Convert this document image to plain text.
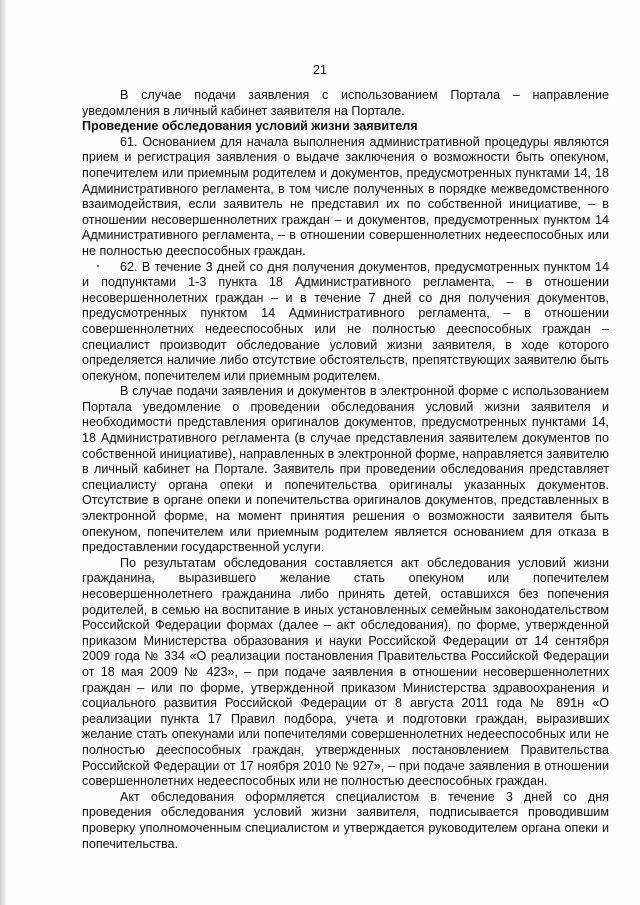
21

В случае подачи заявления с использованием Портала – направление уведомления в личный кабинет заявителя на Портале.

Проведение обследования условий жизни заявителя

61. Основанием для начала выполнения административной процедуры являются прием и регистрация заявления о выдаче заключения о возможности быть опекуном, попечителем или приемным родителем и документов, предусмотренных пунктами 14, 18 Административного регламента, в том числе полученных в порядке межведомственного взаимодействия, если заявитель не представил их по собственной инициативе, – в отношении несовершеннолетних граждан – и документов, предусмотренных пунктом 14 Административного регламента, – в отношении совершеннолетних недееспособных или не полностью дееспособных граждан.

62. В течение 3 дней со дня получения документов, предусмотренных пунктом 14 и подпунктами 1-3 пункта 18 Административного регламента, – в отношении несовершеннолетних граждан – и в течение 7 дней со дня получения документов, предусмотренных пунктом 14 Административного регламента, – в отношении совершеннолетних недееспособных или не полностью дееспособных граждан – специалист производит обследование условий жизни заявителя, в ходе которого определяется наличие либо отсутствие обстоятельств, препятствующих заявителю быть опекуном, попечителем или приемным родителем.

В случае подачи заявления и документов в электронной форме с использованием Портала уведомление о проведении обследования условий жизни заявителя и необходимости представления оригиналов документов, предусмотренных пунктами 14, 18 Административного регламента (в случае представления заявителем документов по собственной инициативе), направленных в электронной форме, направляется заявителю в личный кабинет на Портале. Заявитель при проведении обследования представляет специалисту органа опеки и попечительства оригиналы указанных документов. Отсутствие в органе опеки и попечительства оригиналов документов, представленных в электронной форме, на момент принятия решения о возможности заявителя быть опекуном, попечителем или приемным родителем является основанием для отказа в предоставлении государственной услуги.

По результатам обследования составляется акт обследования условий жизни гражданина, выразившего желание стать опекуном или попечителем несовершеннолетнего гражданина либо принять детей, оставшихся без попечения родителей, в семью на воспитание в иных установленных семейным законодательством Российской Федерации формах (далее – акт обследования), по форме, утвержденной приказом Министерства образования и науки Российской Федерации от 14 сентября 2009 года № 334 «О реализации постановления Правительства Российской Федерации от 18 мая 2009 № 423», – при подаче заявления в отношении несовершеннолетних граждан – или по форме, утвержденной приказом Министерства здравоохранения и социального развития Российской Федерации от 8 августа 2011 года № 891н «О реализации пункта 17 Правил подбора, учета и подготовки граждан, выразивших желание стать опекунами или попечителями совершеннолетних недееспособных или не полностью дееспособных граждан, утвержденных постановлением Правительства Российской Федерации от 17 ноября 2010 № 927», – при подаче заявления в отношении совершеннолетних недееспособных или не полностью дееспособных граждан.

Акт обследования оформляется специалистом в течение 3 дней со дня проведения обследования условий жизни заявителя, подписывается проводившим проверку уполномоченным специалистом и утверждается руководителем органа опеки и попечительства.
